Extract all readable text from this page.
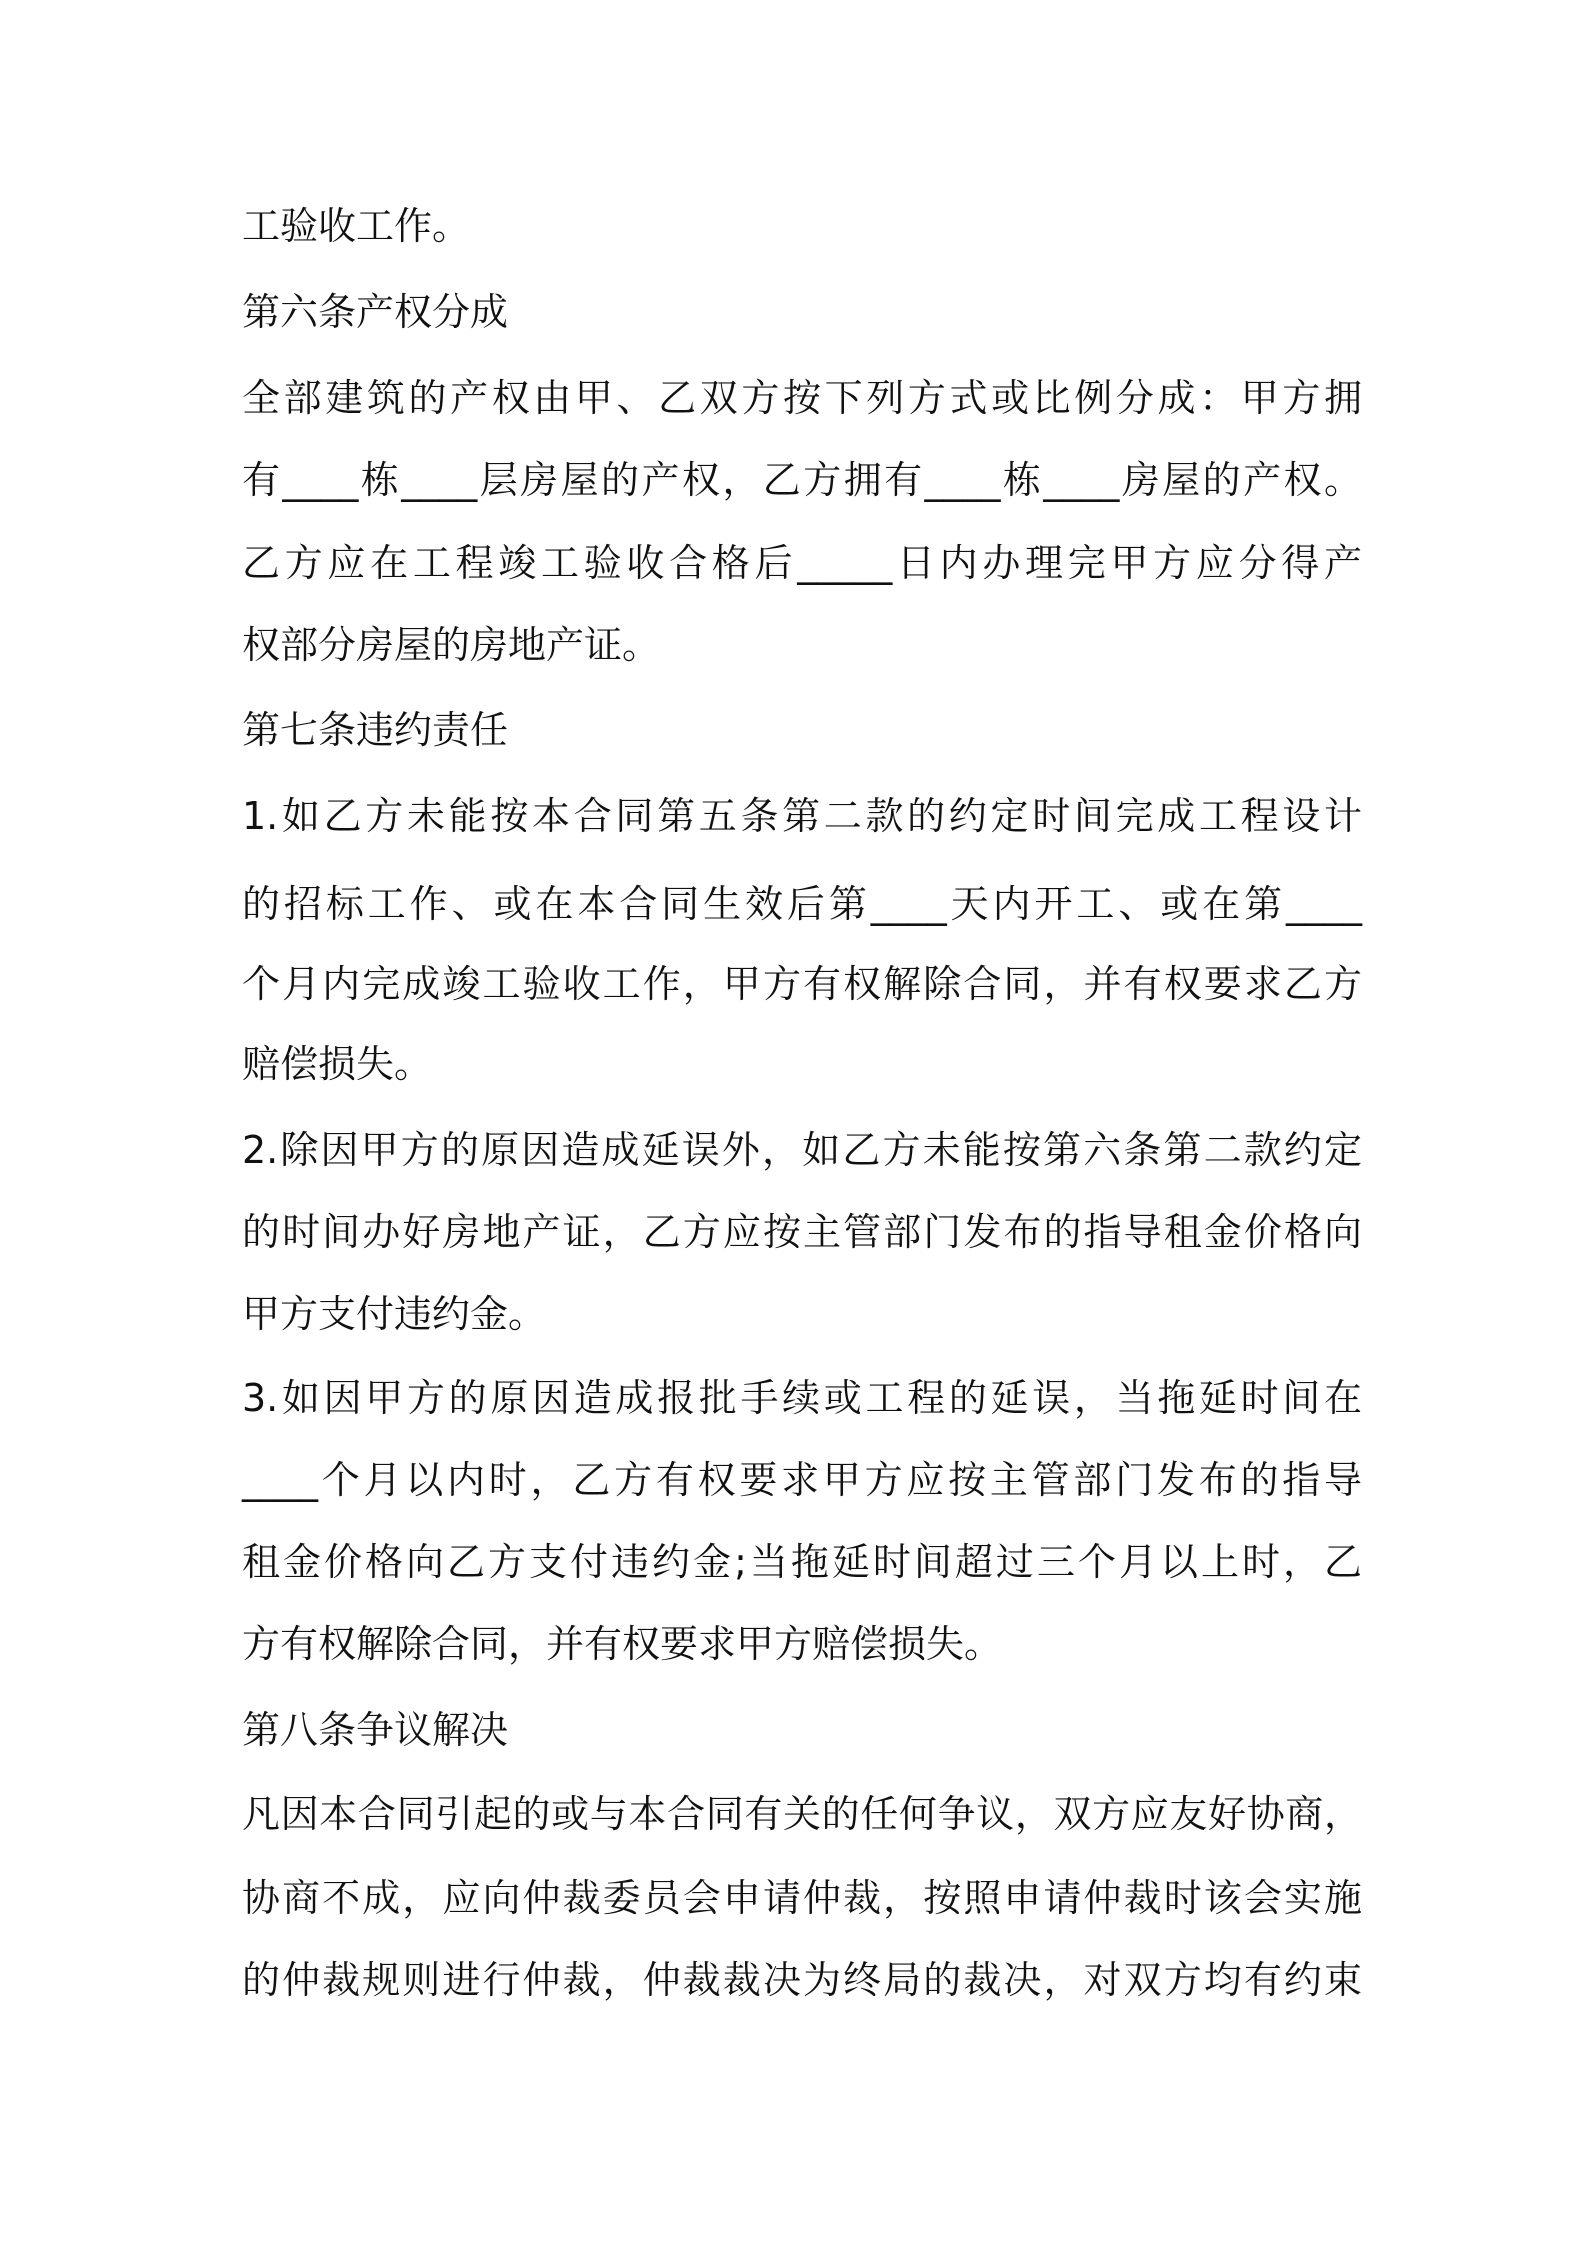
工验收工作。
第六条产权分成
全部建筑的产权由甲、乙双方按下列方式或比例分成：甲方拥
有____栋____层房屋的产权，乙方拥有____栋____房屋的产权。
乙方应在工程竣工验收合格后_____日内办理完甲方应分得产
权部分房屋的房地产证。
第七条违约责任
1.如乙方未能按本合同第五条第二款的约定时间完成工程设计
的招标工作、或在本合同生效后第____天内开工、或在第____
个月内完成竣工验收工作，甲方有权解除合同，并有权要求乙方
赔偿损失。
2.除因甲方的原因造成延误外，如乙方未能按第六条第二款约定
的时间办好房地产证，乙方应按主管部门发布的指导租金价格向
甲方支付违约金。
3.如因甲方的原因造成报批手续或工程的延误，当拖延时间在
____个月以内时，乙方有权要求甲方应按主管部门发布的指导
租金价格向乙方支付违约金;当拖延时间超过三个月以上时，乙
方有权解除合同，并有权要求甲方赔偿损失。
第八条争议解决
凡因本合同引起的或与本合同有关的任何争议，双方应友好协商，
协商不成，应向仲裁委员会申请仲裁，按照申请仲裁时该会实施
的仲裁规则进行仲裁，仲裁裁决为终局的裁决，对双方均有约束
